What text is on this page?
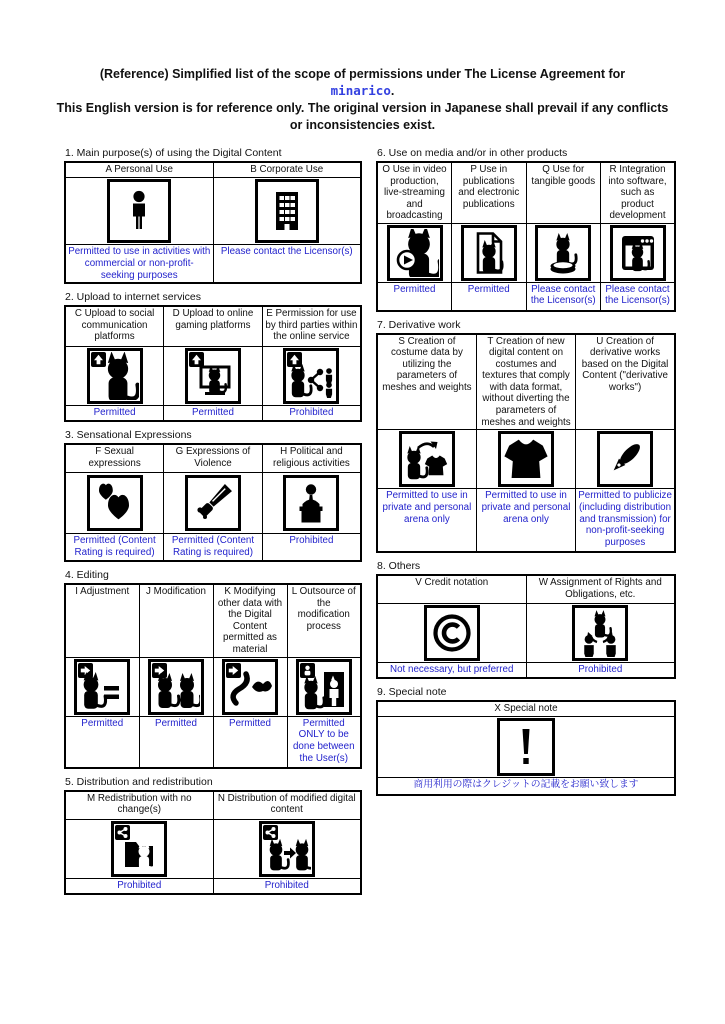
(Reference) Simplified list of the scope of permissions under The License Agreement for
minarico.
This English version is for reference only. The original version in Japanese shall prevail if any conflicts or inconsistencies exist.
1. Main purpose(s) of using the Digital Content
A Personal Use	B Corporate Use

Permitted to use in activities with commercial or non-profit-seeking purposes	Please contact the Licensor(s)
2. Upload to internet services
C Upload to social communication platforms	D Upload to online gaming platforms	E Permission for use by third parties within the online service

Permitted	Permitted	Prohibited
3. Sensational Expressions
F Sexual expressions	G Expressions of Violence	H Political and religious activities

Permitted (Content Rating is required)	Permitted (Content Rating is required)	Prohibited
4. Editing
I Adjustment	J Modification	K Modifying other data with the Digital Content permitted as material	L Outsource of the modification process

Permitted	Permitted	Permitted	Permitted ONLY to be done between the User(s)
5. Distribution and redistribution
M Redistribution with no change(s)	N Distribution of modified digital content

Prohibited	Prohibited
6. Use on media and/or in other products
O Use in video production, live-streaming and broadcasting	P Use in publications and electronic publications	Q Use for tangible goods	R Integration into software, such as product development

Permitted	Permitted	Please contact the Licensor(s)	Please contact the Licensor(s)
7. Derivative work
S Creation of costume data by utilizing the parameters of meshes and weights	T Creation of new digital content on costumes and textures that comply with data format, without diverting the parameters of meshes and weights	U Creation of derivative works based on the Digital Content ("derivative works")

Permitted to use in private and personal arena only	Permitted to use in private and personal arena only	Permitted to publicize (including distribution and transmission) for non-profit-seeking purposes
8. Others
V Credit notation	W Assignment of Rights and Obligations, etc.

Not necessary, but preferred	Prohibited
9. Special note
X Special note

商用利用の際はクレジットの記載をお願い致します
